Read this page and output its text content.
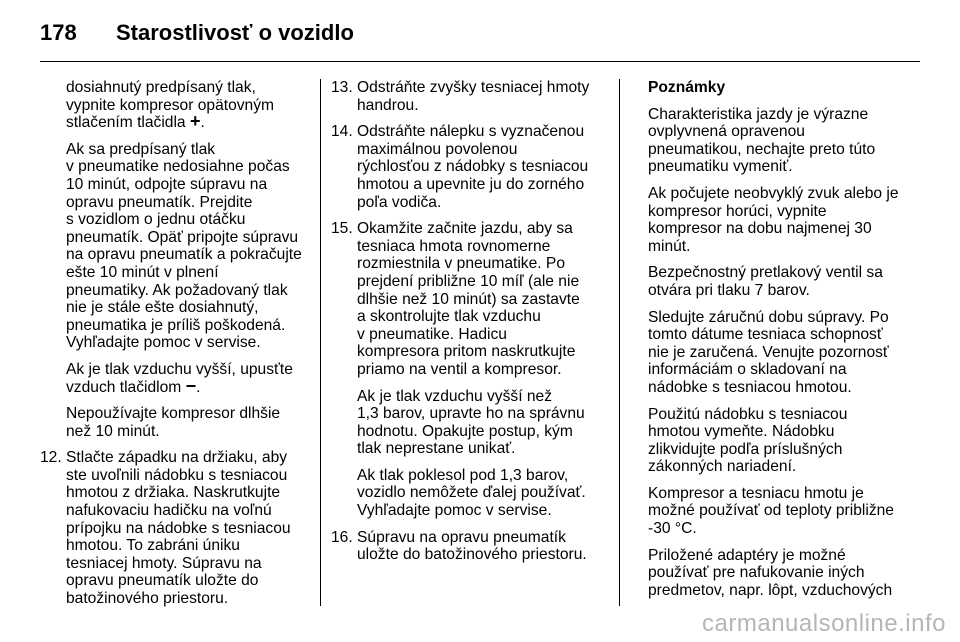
178	Starostlivosť o vozidlo

dosiahnutý predpísaný tlak,
vypnite kompresor opätovným
stlačením tlačidla +.

Ak sa predpísaný tlak
v pneumatike nedosiahne počas
10 minút, odpojte súpravu na
opravu pneumatík. Prejdite
s vozidlom o jednu otáčku
pneumatík. Opäť pripojte súpravu
na opravu pneumatík a pokračujte
ešte 10 minút v plnení
pneumatiky. Ak požadovaný tlak
nie je stále ešte dosiahnutý,
pneumatika je príliš poškodená.
Vyhľadajte pomoc v servise.

Ak je tlak vzduchu vyšší, upusťte
vzduch tlačidlom −.

Nepoužívajte kompresor dlhšie
než 10 minút.

12. Stlačte západku na držiaku, aby
ste uvoľnili nádobku s tesniacou
hmotou z držiaka. Naskrutkujte
nafukovaciu hadičku na voľnú
prípojku na nádobke s tesniacou
hmotou. To zabráni úniku
tesniacej hmoty. Súpravu na
opravu pneumatík uložte do
batožinového priestoru.
13. Odstráňte zvyšky tesniacej hmoty
handrou.
14. Odstráňte nálepku s vyznačenou
maximálnou povolenou
rýchlosťou z nádobky s tesniacou
hmotou a upevnite ju do zorného
poľa vodiča.
15. Okamžite začnite jazdu, aby sa
tesniaca hmota rovnomerne
rozmiestnila v pneumatike. Po
prejdení približne 10 míľ (ale nie
dlhšie než 10 minút) sa zastavte
a skontrolujte tlak vzduchu
v pneumatike. Hadicu
kompresora pritom naskrutkujte
priamo na ventil a kompresor.

Ak je tlak vzduchu vyšší než
1,3 barov, upravte ho na správnu
hodnotu. Opakujte postup, kým
tlak neprestane unikať.

Ak tlak poklesol pod 1,3 barov,
vozidlo nemôžete ďalej používať.
Vyhľadajte pomoc v servise.

16. Súpravu na opravu pneumatík
uložte do batožinového priestoru.

Poznámky

Charakteristika jazdy je výrazne
ovplyvnená opravenou
pneumatikou, nechajte preto túto
pneumatiku vymeniť.

Ak počujete neobvyklý zvuk alebo je
kompresor horúci, vypnite
kompresor na dobu najmenej 30
minút.

Bezpečnostný pretlakový ventil sa
otvára pri tlaku 7 barov.

Sledujte záručnú dobu súpravy. Po
tomto dátume tesniaca schopnosť
nie je zaručená. Venujte pozornosť
informáciám o skladovaní na
nádobke s tesniacou hmotou.

Použitú nádobku s tesniacou
hmotou vymeňte. Nádobku
zlikvidujte podľa príslušných
zákonných nariadení.

Kompresor a tesniacu hmotu je
možné používať od teploty približne
-30 °C.

Priložené adaptéry je možné
používať pre nafukovanie iných
predmetov, napr. lôpt, vzduchových

carmanualsonline.info
